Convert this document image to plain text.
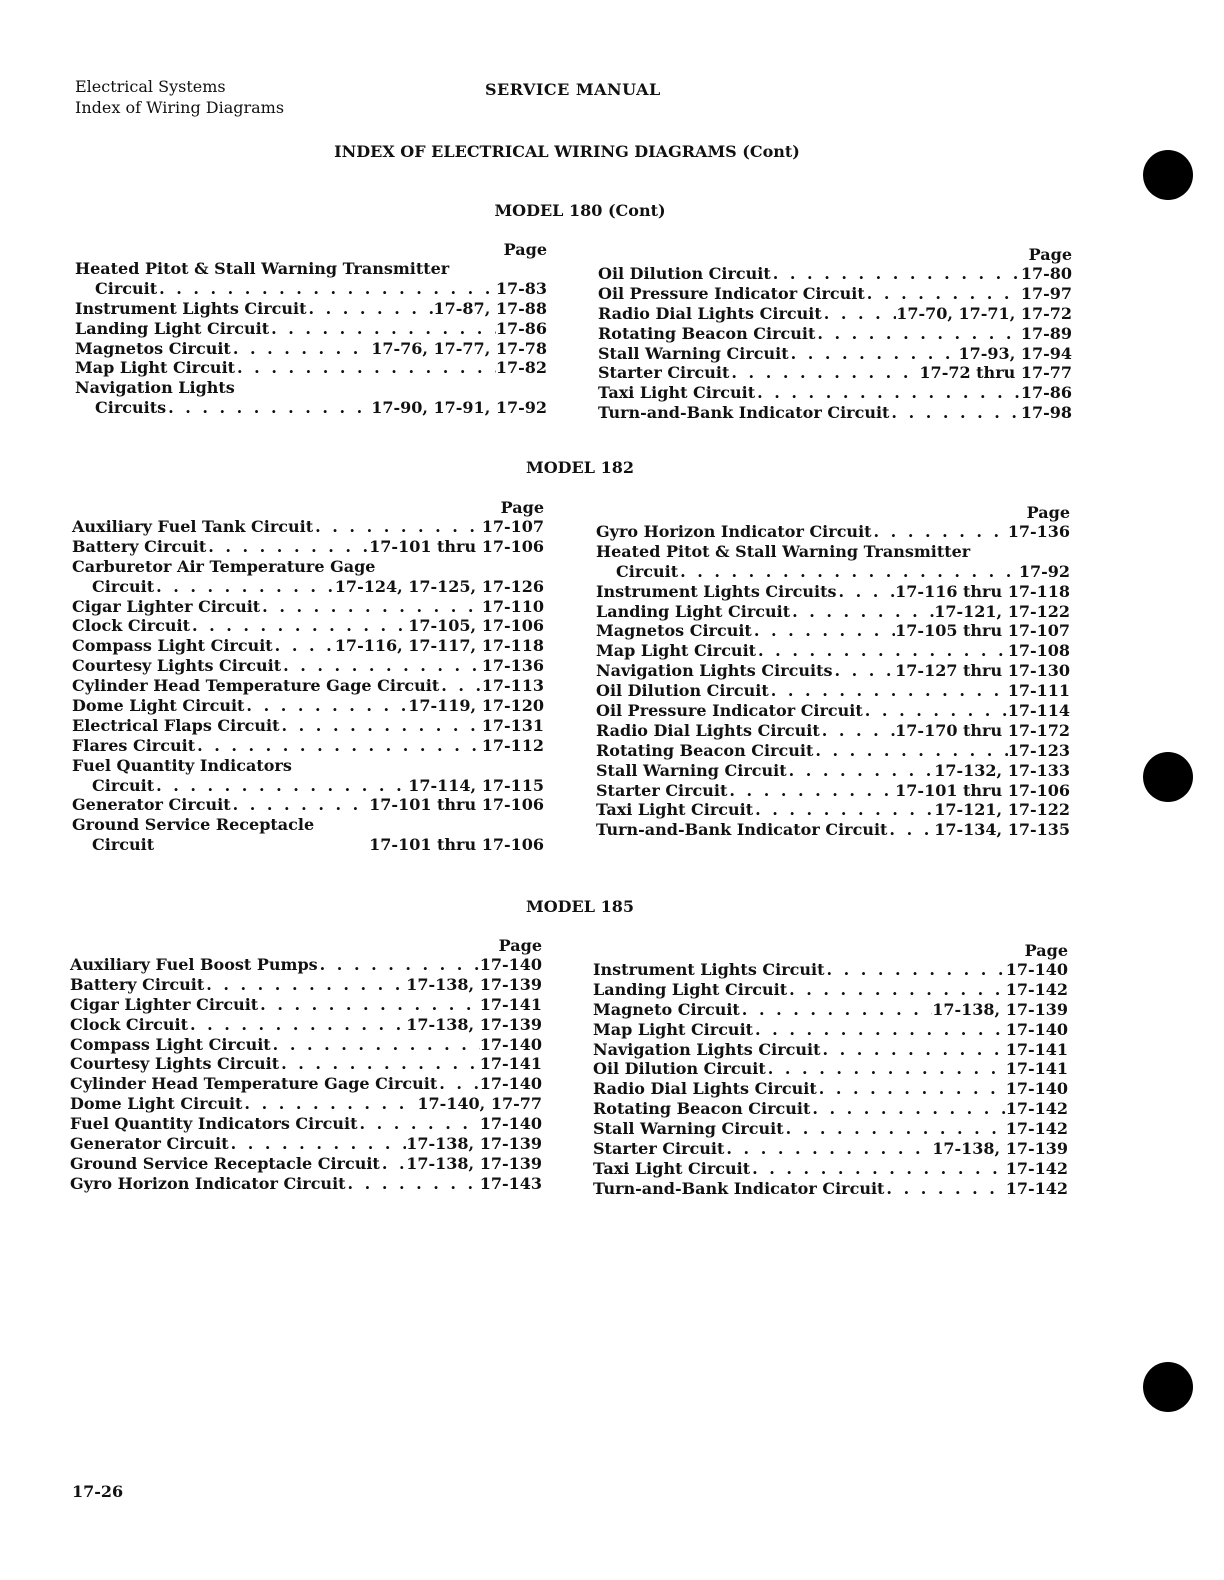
Electrical Systems
Index of Wiring Diagrams
SERVICE MANUAL
INDEX OF ELECTRICAL WIRING DIAGRAMS (Cont)
MODEL 180 (Cont)
Page
Heated Pitot & Stall Warning Transmitter
Circuit . . .	17-83
Instrument Lights Circuit . . .	17-87, 17-88
Landing Light Circuit . . .	17-86
Magnetos Circuit . . .	17-76, 17-77, 17-78
Map Light Circuit . . .	17-82
Navigation Lights
Circuits . . .	17-90, 17-91, 17-92
Page
Oil Dilution Circuit . . .	17-80
Oil Pressure Indicator Circuit . . .	17-97
Radio Dial Lights Circuit . . .	17-70, 17-71, 17-72
Rotating Beacon Circuit . . .	17-89
Stall Warning Circuit . . .	17-93, 17-94
Starter Circuit . . .	17-72 thru 17-77
Taxi Light Circuit . . .	17-86
Turn-and-Bank Indicator Circuit . . .	17-98
MODEL 182
Page
Auxiliary Fuel Tank Circuit . . .	17-107
Battery Circuit . . .	17-101 thru 17-106
Carburetor Air Temperature Gage
Circuit . . .	17-124, 17-125, 17-126
Cigar Lighter Circuit . . .	17-110
Clock Circuit . . .	17-105, 17-106
Compass Light Circuit . . .	17-116, 17-117, 17-118
Courtesy Lights Circuit . . .	17-136
Cylinder Head Temperature Gage Circuit . . .	17-113
Dome Light Circuit . . .	17-119, 17-120
Electrical Flaps Circuit . . .	17-131
Flares Circuit . . .	17-112
Fuel Quantity Indicators
Circuit . . .	17-114, 17-115
Generator Circuit . . .	17-101 thru 17-106
Ground Service Receptacle
Circuit	17-101 thru 17-106
Page
Gyro Horizon Indicator Circuit . . .	17-136
Heated Pitot & Stall Warning Transmitter
Circuit . . .	17-92
Instrument Lights Circuits . . .	17-116 thru 17-118
Landing Light Circuit . . .	17-121, 17-122
Magnetos Circuit . . .	17-105 thru 17-107
Map Light Circuit . . .	17-108
Navigation Lights Circuits . . .	17-127 thru 17-130
Oil Dilution Circuit . . .	17-111
Oil Pressure Indicator Circuit . . .	17-114
Radio Dial Lights Circuit . . .	17-170 thru 17-172
Rotating Beacon Circuit . . .	17-123
Stall Warning Circuit . . .	17-132, 17-133
Starter Circuit . . .	17-101 thru 17-106
Taxi Light Circuit . . .	17-121, 17-122
Turn-and-Bank Indicator Circuit . . .	17-134, 17-135
MODEL 185
Page
Auxiliary Fuel Boost Pumps . . .	17-140
Battery Circuit . . .	17-138, 17-139
Cigar Lighter Circuit . . .	17-141
Clock Circuit . . .	17-138, 17-139
Compass Light Circuit . . .	17-140
Courtesy Lights Circuit . . .	17-141
Cylinder Head Temperature Gage Circuit . . .	17-140
Dome Light Circuit . . .	17-140, 17-77
Fuel Quantity Indicators Circuit . . .	17-140
Generator Circuit . . .	17-138, 17-139
Ground Service Receptacle Circuit . . . 17-138, 17-139
Gyro Horizon Indicator Circuit . . .	17-143
Page
Instrument Lights Circuit . . .	17-140
Landing Light Circuit . . .	17-142
Magneto Circuit . . .	17-138, 17-139
Map Light Circuit . . .	17-140
Navigation Lights Circuit . . .	17-141
Oil Dilution Circuit . . .	17-141
Radio Dial Lights Circuit . . .	17-140
Rotating Beacon Circuit . . .	17-142
Stall Warning Circuit . . .	17-142
Starter Circuit . . .	17-138, 17-139
Taxi Light Circuit . . .	17-142
Turn-and-Bank Indicator Circuit . . .	17-142
17-26
